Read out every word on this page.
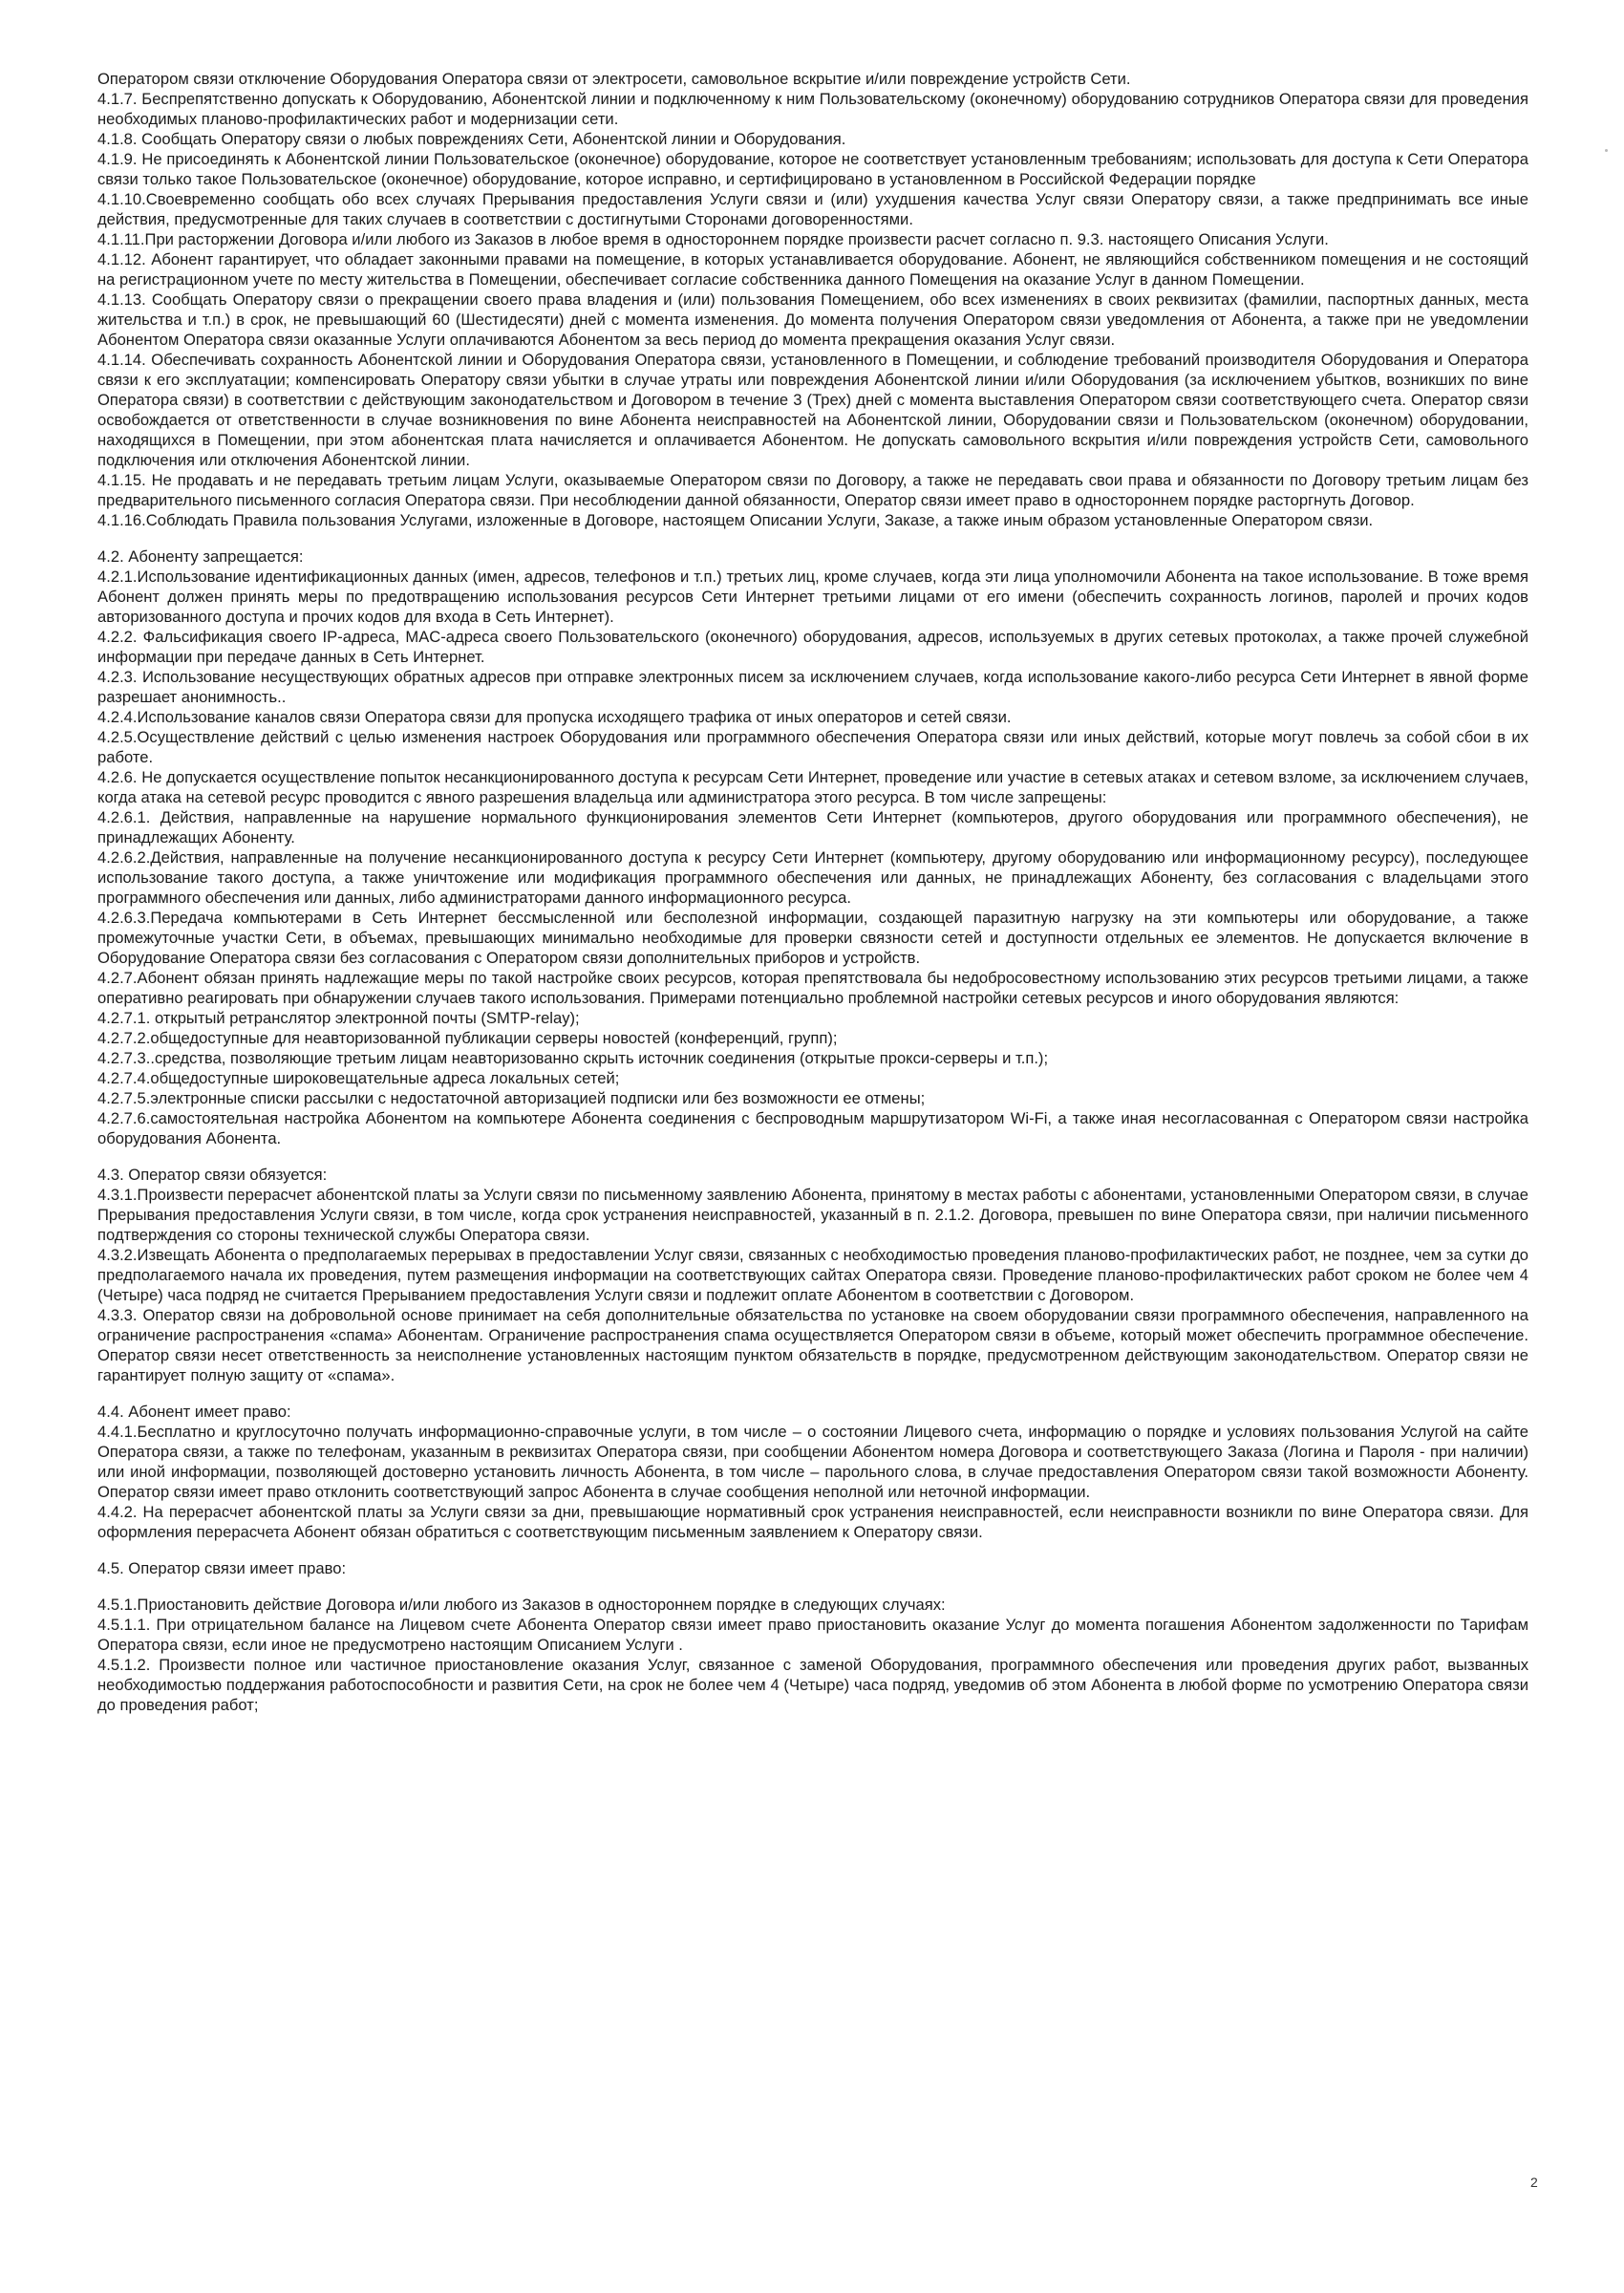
Оператором связи отключение Оборудования Оператора связи от электросети, самовольное вскрытие и/или повреждение устройств Сети.

4.1.7. Беспрепятственно допускать к Оборудованию, Абонентской линии и подключенному к ним Пользовательскому (оконечному) оборудованию сотрудников Оператора связи для проведения необходимых планово-профилактических работ и модернизации сети.

4.1.8. Сообщать Оператору связи о любых повреждениях Сети, Абонентской линии и Оборудования.

4.1.9. Не присоединять к Абонентской линии Пользовательское (оконечное) оборудование, которое не соответствует установленным требованиям; использовать для доступа к Сети Оператора связи только такое Пользовательское (оконечное) оборудование, которое исправно, и сертифицировано в установленном в Российской Федерации порядке

4.1.10.Своевременно сообщать обо всех случаях Прерывания предоставления Услуги связи и (или) ухудшения качества Услуг связи Оператору связи, а также предпринимать все иные действия, предусмотренные для таких случаев в соответствии с достигнутыми Сторонами договоренностями.

4.1.11.При расторжении Договора и/или любого из Заказов в любое время в одностороннем порядке произвести расчет согласно п. 9.3. настоящего Описания Услуги.

4.1.12. Абонент гарантирует, что обладает законными правами на помещение, в которых устанавливается оборудование. Абонент, не являющийся собственником помещения и не состоящий на регистрационном учете по месту жительства в Помещении, обеспечивает согласие собственника данного Помещения на оказание Услуг в данном Помещении.

4.1.13. Сообщать Оператору связи о прекращении своего права владения и (или) пользования Помещением, обо всех изменениях в своих реквизитах (фамилии, паспортных данных, места жительства и т.п.) в срок, не превышающий 60 (Шестидесяти) дней с момента изменения. До момента получения Оператором связи уведомления от Абонента, а также при не уведомлении Абонентом Оператора связи оказанные Услуги оплачиваются Абонентом за весь период до момента прекращения оказания Услуг связи.

4.1.14. Обеспечивать сохранность Абонентской линии и Оборудования Оператора связи, установленного в Помещении, и соблюдение требований производителя Оборудования и Оператора связи к его эксплуатации; компенсировать Оператору связи убытки в случае утраты или повреждения Абонентской линии и/или Оборудования (за исключением убытков, возникших по вине Оператора связи) в соответствии с действующим законодательством и Договором в течение 3 (Трех) дней с момента выставления Оператором связи соответствующего счета. Оператор связи освобождается от ответственности в случае возникновения по вине Абонента неисправностей на Абонентской линии, Оборудовании связи и Пользовательском (оконечном) оборудовании, находящихся в Помещении, при этом абонентская плата начисляется и оплачивается Абонентом. Не допускать самовольного вскрытия и/или повреждения устройств Сети, самовольного подключения или отключения Абонентской линии.

4.1.15. Не продавать и не передавать третьим лицам Услуги, оказываемые Оператором связи по Договору, а также не передавать свои права и обязанности по Договору третьим лицам без предварительного письменного согласия Оператора связи. При несоблюдении данной обязанности, Оператор связи имеет право в одностороннем порядке расторгнуть Договор.

4.1.16.Соблюдать Правила пользования Услугами, изложенные в Договоре, настоящем Описании Услуги, Заказе, а также иным образом установленные Оператором связи.

4.2. Абоненту запрещается:

4.2.1.Использование идентификационных данных (имен, адресов, телефонов и т.п.) третьих лиц, кроме случаев, когда эти лица уполномочили Абонента на такое использование. В тоже время Абонент должен принять меры по предотвращению использования ресурсов Сети Интернет третьими лицами от его имени (обеспечить сохранность логинов, паролей и прочих кодов авторизованного доступа и прочих кодов для входа в Сеть Интернет).

4.2.2. Фальсификация своего IP-адреса, MAC-адреса своего Пользовательского (оконечного) оборудования, адресов, используемых в других сетевых протоколах, а также прочей служебной информации при передаче данных в Сеть Интернет.

4.2.3. Использование несуществующих обратных адресов при отправке электронных писем за исключением случаев, когда использование какого-либо ресурса Сети Интернет в явной форме разрешает анонимность..

4.2.4.Использование каналов связи Оператора связи для пропуска исходящего трафика от иных операторов и сетей связи.

4.2.5.Осуществление действий с целью изменения настроек Оборудования или программного обеспечения Оператора связи или иных действий, которые могут повлечь за собой сбои в их работе.

4.2.6. Не допускается осуществление попыток несанкционированного доступа к ресурсам Сети Интернет, проведение или участие в сетевых атаках и сетевом взломе, за исключением случаев, когда атака на сетевой ресурс проводится с явного разрешения владельца или администратора этого ресурса. В том числе запрещены:

4.2.6.1. Действия, направленные на нарушение нормального функционирования элементов Сети Интернет (компьютеров, другого оборудования или программного обеспечения), не принадлежащих Абоненту.

4.2.6.2.Действия, направленные на получение несанкционированного доступа к ресурсу Сети Интернет (компьютеру, другому оборудованию или информационному ресурсу), последующее использование такого доступа, а также уничтожение или модификация программного обеспечения или данных, не принадлежащих Абоненту, без согласования с владельцами этого программного обеспечения или данных, либо администраторами данного информационного ресурса.

4.2.6.3.Передача компьютерами в Сеть Интернет бессмысленной или бесполезной информации, создающей паразитную нагрузку на эти компьютеры или оборудование, а также промежуточные участки Сети, в объемах, превышающих минимально необходимые для проверки связности сетей и доступности отдельных ее элементов. Не допускается включение в Оборудование Оператора связи без согласования с Оператором связи дополнительных приборов и устройств.

4.2.7.Абонент обязан принять надлежащие меры по такой настройке своих ресурсов, которая препятствовала бы недобросовестному использованию этих ресурсов третьими лицами, а также оперативно реагировать при обнаружении случаев такого использования. Примерами потенциально проблемной настройки сетевых ресурсов и иного оборудования являются:

4.2.7.1. открытый ретранслятор электронной почты (SMTP-relay);

4.2.7.2.общедоступные для неавторизованной публикации серверы новостей (конференций, групп);

4.2.7.3..средства, позволяющие третьим лицам неавторизованно скрыть источник соединения (открытые прокси-серверы и т.п.);

4.2.7.4.общедоступные широковещательные адреса локальных сетей;

4.2.7.5.электронные списки рассылки с недостаточной авторизацией подписки или без возможности ее отмены;

4.2.7.6.самостоятельная настройка Абонентом на компьютере Абонента соединения с беспроводным маршрутизатором Wi-Fi, а также иная несогласованная с Оператором связи настройка оборудования Абонента.

4.3. Оператор связи обязуется:

4.3.1.Произвести перерасчет абонентской платы за Услуги связи по письменному заявлению Абонента, принятому в местах работы с абонентами, установленными Оператором связи, в случае Прерывания предоставления Услуги связи, в том числе, когда срок устранения неисправностей, указанный в п. 2.1.2. Договора, превышен по вине Оператора связи, при наличии письменного подтверждения со стороны технической службы Оператора связи.

4.3.2.Извещать Абонента о предполагаемых перерывах в предоставлении Услуг связи, связанных с необходимостью проведения планово-профилактических работ, не позднее, чем за сутки до предполагаемого начала их проведения, путем размещения информации на соответствующих сайтах Оператора связи. Проведение планово-профилактических работ сроком не более чем 4 (Четыре) часа подряд не считается Прерыванием предоставления Услуги связи и подлежит оплате Абонентом в соответствии с Договором.

4.3.3. Оператор связи на добровольной основе принимает на себя дополнительные обязательства по установке на своем оборудовании связи программного обеспечения, направленного на ограничение распространения «спама» Абонентам. Ограничение распространения спама осуществляется Оператором связи в объеме, который может обеспечить программное обеспечение. Оператор связи несет ответственность за неисполнение установленных настоящим пунктом обязательств в порядке, предусмотренном действующим законодательством. Оператор связи не гарантирует полную защиту от «спама».

4.4. Абонент имеет право:

4.4.1.Бесплатно и круглосуточно получать информационно-справочные услуги, в том числе – о состоянии Лицевого счета, информацию о порядке и условиях пользования Услугой на сайте Оператора связи, а также по телефонам, указанным в реквизитах Оператора связи, при сообщении Абонентом номера Договора и соответствующего Заказа (Логина и Пароля - при наличии) или иной информации, позволяющей достоверно установить личность Абонента, в том числе – парольного слова, в случае предоставления Оператором связи такой возможности Абоненту. Оператор связи имеет право отклонить соответствующий запрос Абонента в случае сообщения неполной или неточной информации.

4.4.2. На перерасчет абонентской платы за Услуги связи за дни, превышающие нормативный срок устранения неисправностей, если неисправности возникли по вине Оператора связи. Для оформления перерасчета Абонент обязан обратиться с соответствующим письменным заявлением к Оператору связи.

4.5. Оператор связи имеет право:

4.5.1.Приостановить действие Договора и/или любого из Заказов в одностороннем порядке в следующих случаях:

4.5.1.1. При отрицательном балансе на Лицевом счете Абонента Оператор связи имеет право приостановить оказание Услуг до момента погашения Абонентом задолженности по Тарифам Оператора связи, если иное не предусмотрено настоящим Описанием Услуги .

4.5.1.2. Произвести полное или частичное приостановление оказания Услуг, связанное с заменой Оборудования, программного обеспечения или проведения других работ, вызванных необходимостью поддержания работоспособности и развития Сети, на срок не более чем 4 (Четыре) часа подряд, уведомив об этом Абонента в любой форме по усмотрению Оператора связи до проведения работ;

2
